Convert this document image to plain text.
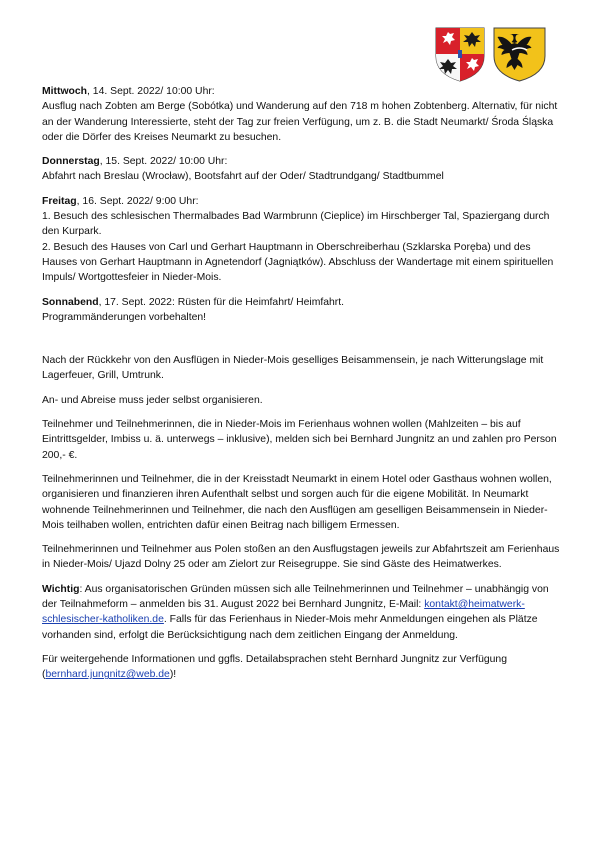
Mittwoch, 14. Sept. 2022/ 10:00 Uhr:
Ausflug nach Zobten am Berge (Sobótka) und Wanderung auf den 718 m hohen Zobtenberg. Alternativ, für nicht an der Wanderung Interessierte, steht der Tag zur freien Verfügung, um z. B. die Stadt Neumarkt/ Środa Śląska oder die Dörfer des Kreises Neumarkt zu besuchen.

Donnerstag, 15. Sept. 2022/ 10:00 Uhr:
Abfahrt nach Breslau (Wrocław), Bootsfahrt auf der Oder/ Stadtrundgang/ Stadtbummel

Freitag, 16. Sept. 2022/ 9:00 Uhr:
1. Besuch des schlesischen Thermalbades Bad Warmbrunn (Cieplice) im Hirschberger Tal, Spaziergang durch den Kurpark.
2. Besuch des Hauses von Carl und Gerhart Hauptmann in Oberschreiberhau (Szklarska Poręba) und des Hauses von Gerhart Hauptmann in Agnetendorf (Jagniątków). Abschluss der Wandertage mit einem spirituellen Impuls/ Wortgottesfeier in Nieder-Mois.

Sonnabend, 17. Sept. 2022: Rüsten für die Heimfahrt/ Heimfahrt.
Programmänderungen vorbehalten!

Nach der Rückkehr von den Ausflügen in Nieder-Mois geselliges Beisammensein, je nach Witterungslage mit Lagerfeuer, Grill, Umtrunk.

An- und Abreise muss jeder selbst organisieren.

Teilnehmer und Teilnehmerinnen, die in Nieder-Mois im Ferienhaus wohnen wollen (Mahlzeiten – bis auf Eintrittsgelder, Imbiss u. ä. unterwegs – inklusive), melden sich bei Bernhard Jungnitz an und zahlen pro Person 200,- €.

Teilnehmerinnen und Teilnehmer, die in der Kreisstadt Neumarkt in einem Hotel oder Gasthaus wohnen wollen, organisieren und finanzieren ihren Aufenthalt selbst und sorgen auch für die eigene Mobilität. In Neumarkt wohnende Teilnehmerinnen und Teilnehmer, die nach den Ausflügen am geselligen Beisammensein in Nieder-Mois teilhaben wollen, entrichten dafür einen Beitrag nach billigem Ermessen.

Teilnehmerinnen und Teilnehmer aus Polen stoßen an den Ausflugstagen jeweils zur Abfahrtszeit am Ferienhaus in Nieder-Mois/ Ujazd Dolny 25 oder am Zielort zur Reisegruppe. Sie sind Gäste des Heimatwerkes.

Wichtig: Aus organisatorischen Gründen müssen sich alle Teilnehmerinnen und Teilnehmer – unabhängig von der Teilnahmeform – anmelden bis 31. August 2022 bei Bernhard Jungnitz, E-Mail: kontakt@heimatwerk-schlesischer-katholiken.de. Falls für das Ferienhaus in Nieder-Mois mehr Anmeldungen eingehen als Plätze vorhanden sind, erfolgt die Berücksichtigung nach dem zeitlichen Eingang der Anmeldung.

Für weitergehende Informationen und ggfls. Detailabsprachen steht Bernhard Jungnitz zur Verfügung (bernhard.jungnitz@web.de)!
